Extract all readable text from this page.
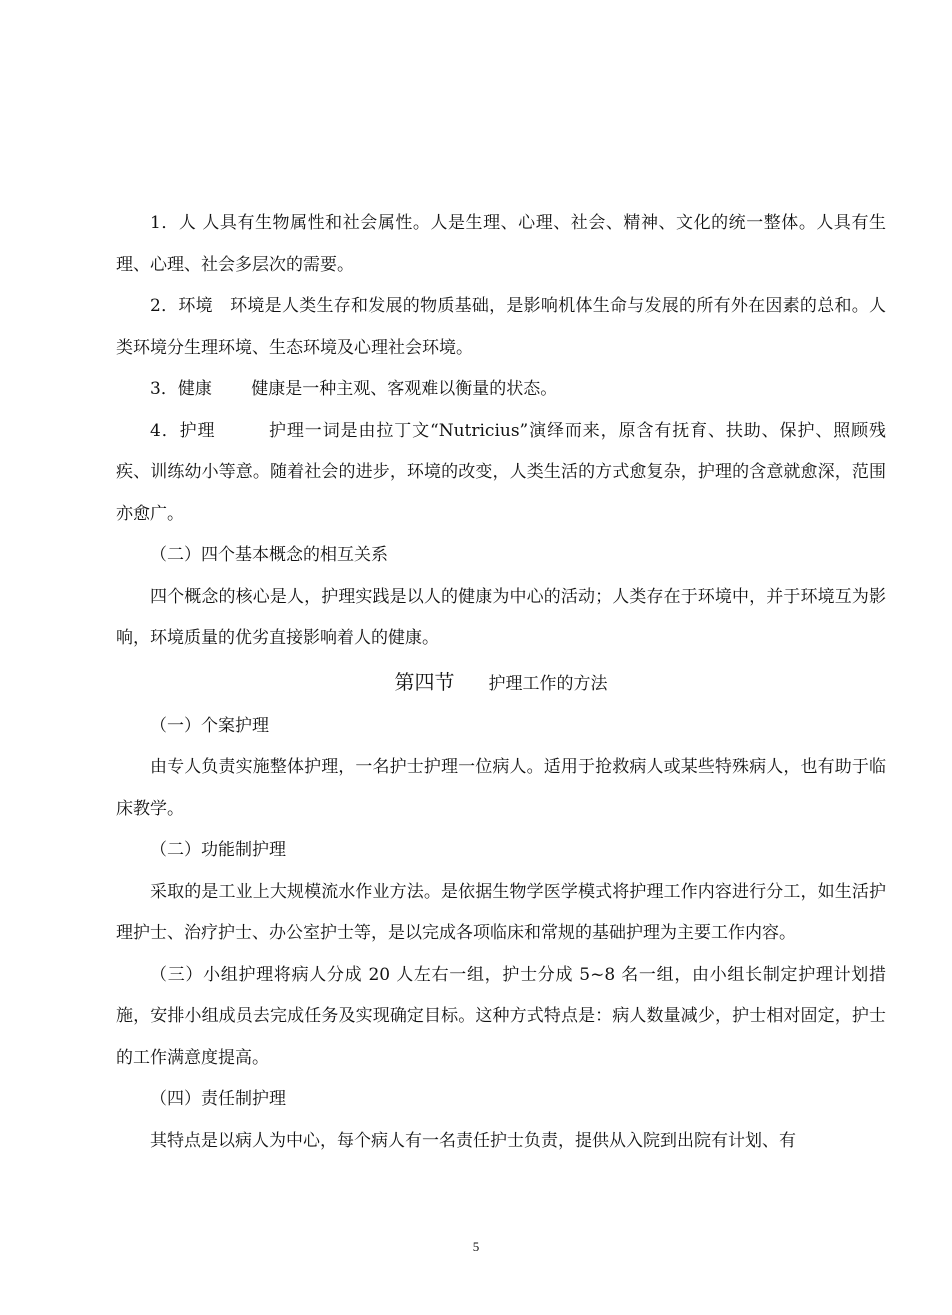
1．人 人具有生物属性和社会属性。人是生理、心理、社会、精神、文化的统一整体。人具有生理、心理、社会多层次的需要。

2．环境　环境是人类生存和发展的物质基础，是影响机体生命与发展的所有外在因素的总和。人类环境分生理环境、生态环境及心理社会环境。

3．健康　　 健康是一种主观、客观难以衡量的状态。

4．护理　　　护理一词是由拉丁文“Nutricius”演绎而来，原含有抚育、扶助、保护、照顾残疾、训练幼小等意。随着社会的进步，环境的改变，人类生活的方式愈复杂，护理的含意就愈深，范围亦愈广。

（二）四个基本概念的相互关系

四个概念的核心是人，护理实践是以人的健康为中心的活动；人类存在于环境中，并于环境互为影响，环境质量的优劣直接影响着人的健康。

第四节　　 护理工作的方法

（一）个案护理

由专人负责实施整体护理，一名护士护理一位病人。适用于抢救病人或某些特殊病人，也有助于临床教学。

（二）功能制护理

采取的是工业上大规模流水作业方法。是依据生物学医学模式将护理工作内容进行分工，如生活护理护士、治疗护士、办公室护士等，是以完成各项临床和常规的基础护理为主要工作内容。

（三）小组护理将病人分成 20 人左右一组，护士分成 5~8 名一组，由小组长制定护理计划措施，安排小组成员去完成任务及实现确定目标。这种方式特点是：病人数量减少，护士相对固定，护士的工作满意度提高。

（四）责任制护理

其特点是以病人为中心，每个病人有一名责任护士负责，提供从入院到出院有计划、有

5
